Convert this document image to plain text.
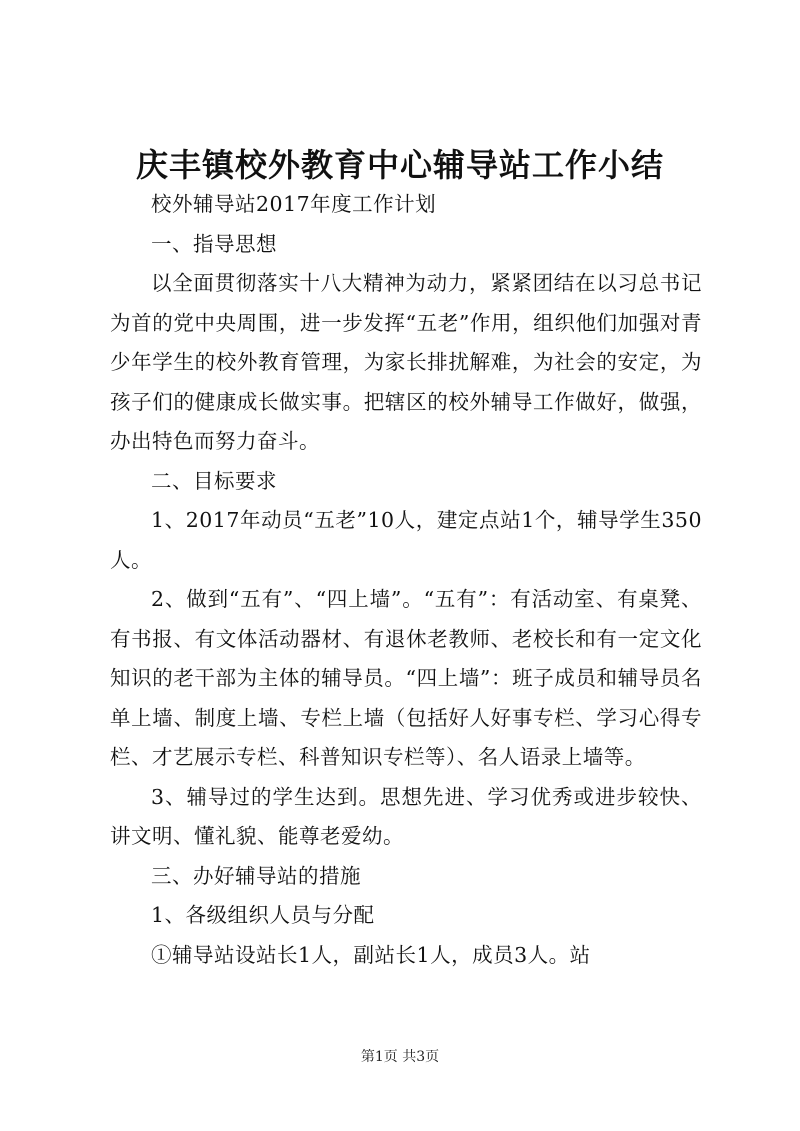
庆丰镇校外教育中心辅导站工作小结

校外辅导站2017年度工作计划

一、指导思想

以全面贯彻落实十八大精神为动力，紧紧团结在以习总书记为首的党中央周围，进一步发挥“五老”作用，组织他们加强对青少年学生的校外教育管理，为家长排扰解难，为社会的安定，为孩子们的健康成长做实事。把辖区的校外辅导工作做好，做强，办出特色而努力奋斗。

二、目标要求

1、2017年动员“五老”10人，建定点站1个，辅导学生350人。

2、做到“五有”、“四上墙”。“五有”：有活动室、有桌凳、有书报、有文体活动器材、有退休老教师、老校长和有一定文化知识的老干部为主体的辅导员。“四上墙”：班子成员和辅导员名单上墙、制度上墙、专栏上墙（包括好人好事专栏、学习心得专栏、才艺展示专栏、科普知识专栏等）、名人语录上墙等。

3、辅导过的学生达到。思想先进、学习优秀或进步较快、讲文明、懂礼貌、能尊老爱幼。

三、办好辅导站的措施

1、各级组织人员与分配

①辅导站设站长1人，副站长1人，成员3人。站

第1页 共3页
